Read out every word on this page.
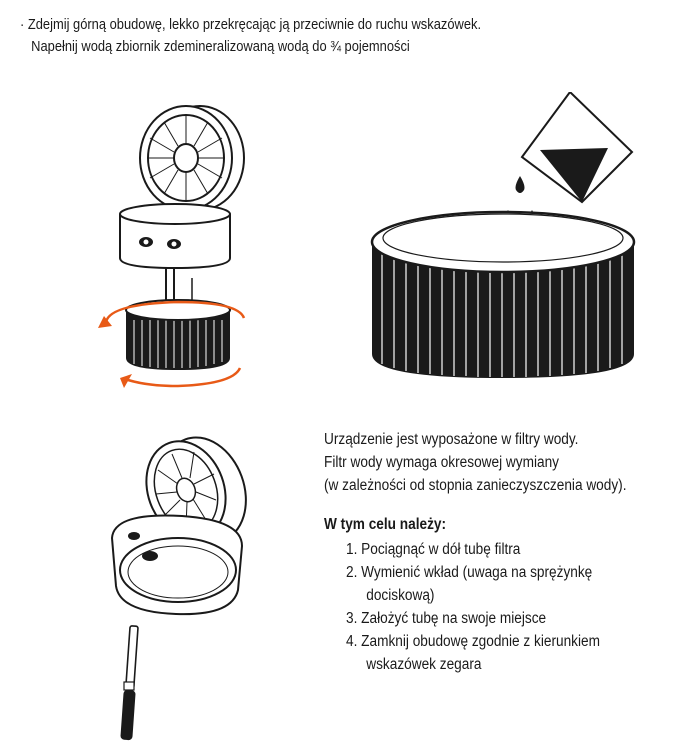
· Zdejmij górną obudowę, lekko przekręcając ją przeciwnie do ruchu wskazówek.
Napełnij wodą zbiornik zdemineralizowaną wodą do ¾ pojemności
Urządzenie jest wyposażone w filtry wody.
Filtr wody wymaga okresowej wymiany
(w zależności od stopnia zanieczyszczenia wody).
W tym celu należy:
1. Pociągnąć w dół tubę filtra
2. Wymienić wkład (uwaga na sprężynkę
dociskową)
3. Założyć tubę na swoje miejsce
4. Zamknij obudowę zgodnie z kierunkiem
wskazówek zegara
